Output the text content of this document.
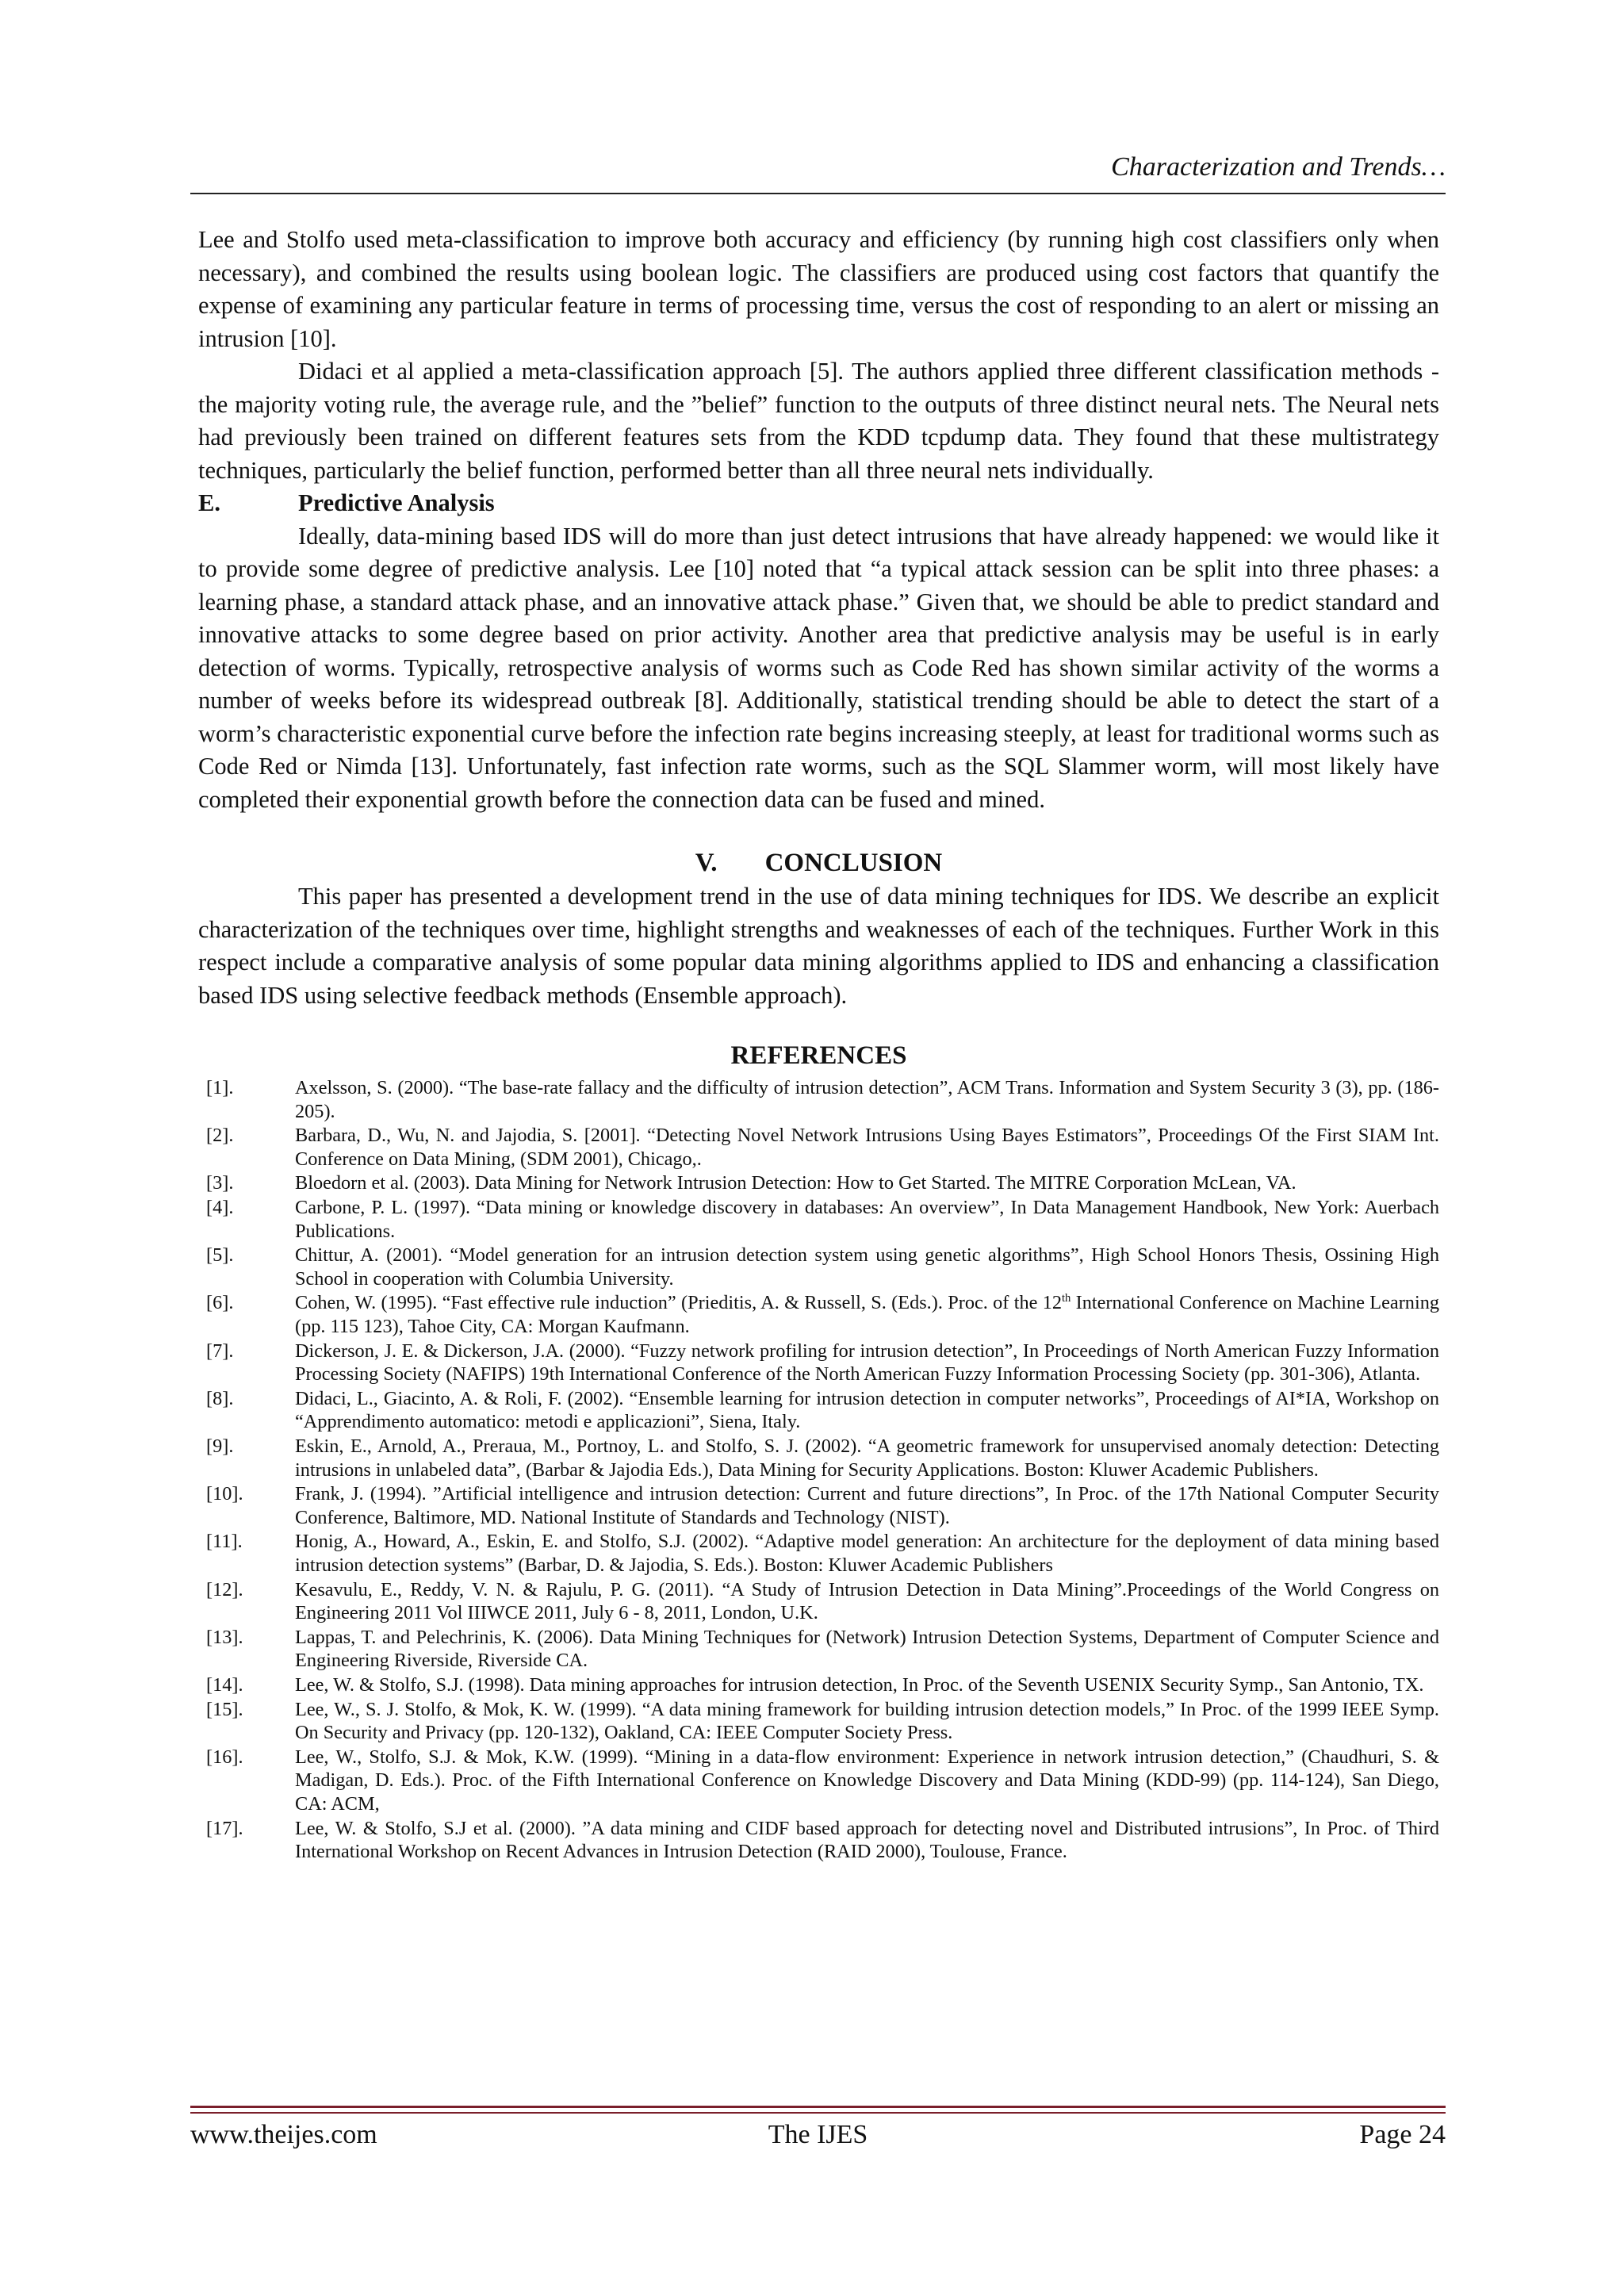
Characterization and Trends…

Lee and Stolfo used meta-classification to improve both accuracy and efficiency (by running high cost classifiers only when necessary), and combined the results using boolean logic. The classifiers are produced using cost factors that quantify the expense of examining any particular feature in terms of processing time, versus the cost of responding to an alert or missing an intrusion [10].

Didaci et al applied a meta-classification approach [5]. The authors applied three different classification methods - the majority voting rule, the average rule, and the ”belief” function to the outputs of three distinct neural nets. The Neural nets had previously been trained on different features sets from the KDD tcpdump data. They found that these multistrategy techniques, particularly the belief function, performed better than all three neural nets individually.

E.	Predictive Analysis

Ideally, data-mining based IDS will do more than just detect intrusions that have already happened: we would like it to provide some degree of predictive analysis. Lee [10] noted that “a typical attack session can be split into three phases: a learning phase, a standard attack phase, and an innovative attack phase.” Given that, we should be able to predict standard and innovative attacks to some degree based on prior activity. Another area that predictive analysis may be useful is in early detection of worms. Typically, retrospective analysis of worms such as Code Red has shown similar activity of the worms a number of weeks before its widespread outbreak [8]. Additionally, statistical trending should be able to detect the start of a worm’s characteristic exponential curve before the infection rate begins increasing steeply, at least for traditional worms such as Code Red or Nimda [13]. Unfortunately, fast infection rate worms, such as the SQL Slammer worm, will most likely have completed their exponential growth before the connection data can be fused and mined.

V. CONCLUSION

This paper has presented a development trend in the use of data mining techniques for IDS. We describe an explicit characterization of the techniques over time, highlight strengths and weaknesses of each of the techniques. Further Work in this respect include a comparative analysis of some popular data mining algorithms applied to IDS and enhancing a classification based IDS using selective feedback methods (Ensemble approach).

REFERENCES
[1].	Axelsson, S. (2000). “The base-rate fallacy and the difficulty of intrusion detection”, ACM Trans. Information and System Security 3 (3), pp. (186-205).
[2].	Barbara, D., Wu, N. and Jajodia, S. [2001]. “Detecting Novel Network Intrusions Using Bayes Estimators”, Proceedings Of the First SIAM Int. Conference on Data Mining, (SDM 2001), Chicago,.
[3].	Bloedorn et al. (2003). Data Mining for Network Intrusion Detection: How to Get Started. The MITRE Corporation McLean, VA.
[4].	Carbone, P. L. (1997). “Data mining or knowledge discovery in databases: An overview”, In Data Management Handbook, New York: Auerbach Publications.
[5].	Chittur, A. (2001). “Model generation for an intrusion detection system using genetic algorithms”, High School Honors Thesis, Ossining High School in cooperation with Columbia University.
[6].	Cohen, W. (1995). “Fast effective rule induction” (Prieditis, A. & Russell, S. (Eds.). Proc. of the 12th International Conference on Machine Learning (pp. 115 123), Tahoe City, CA: Morgan Kaufmann.
[7].	Dickerson, J. E. & Dickerson, J.A. (2000). “Fuzzy network profiling for intrusion detection”, In Proceedings of North American Fuzzy Information Processing Society (NAFIPS) 19th International Conference of the North American Fuzzy Information Processing Society (pp. 301-306), Atlanta.
[8].	Didaci, L., Giacinto, A. & Roli, F. (2002). “Ensemble learning for intrusion detection in computer networks”, Proceedings of AI*IA, Workshop on “Apprendimento automatico: metodi e applicazioni”, Siena, Italy.
[9].	Eskin, E., Arnold, A., Preraua, M., Portnoy, L. and Stolfo, S. J. (2002). “A geometric framework for unsupervised anomaly detection: Detecting intrusions in unlabeled data”, (Barbar & Jajodia Eds.), Data Mining for Security Applications. Boston: Kluwer Academic Publishers.
[10].	Frank, J. (1994). ”Artificial intelligence and intrusion detection: Current and future directions”, In Proc. of the 17th National Computer Security Conference, Baltimore, MD. National Institute of Standards and Technology (NIST).
[11].	Honig, A., Howard, A., Eskin, E. and Stolfo, S.J. (2002). “Adaptive model generation: An architecture for the deployment of data mining based intrusion detection systems” (Barbar, D. & Jajodia, S. Eds.). Boston: Kluwer Academic Publishers
[12].	Kesavulu, E., Reddy, V. N. & Rajulu, P. G. (2011). “A Study of Intrusion Detection in Data Mining”.Proceedings of the World Congress on Engineering 2011 Vol IIIWCE 2011, July 6 - 8, 2011, London, U.K.
[13].	Lappas, T. and Pelechrinis, K. (2006). Data Mining Techniques for (Network) Intrusion Detection Systems, Department of Computer Science and Engineering Riverside, Riverside CA.
[14].	Lee, W. & Stolfo, S.J. (1998). Data mining approaches for intrusion detection, In Proc. of the Seventh USENIX Security Symp., San Antonio, TX.
[15].	Lee, W., S. J. Stolfo, & Mok, K. W. (1999). “A data mining framework for building intrusion detection models,” In Proc. of the 1999 IEEE Symp. On Security and Privacy (pp. 120-132), Oakland, CA: IEEE Computer Society Press.
[16].	Lee, W., Stolfo, S.J. & Mok, K.W. (1999). “Mining in a data-flow environment: Experience in network intrusion detection,” (Chaudhuri, S. & Madigan, D. Eds.). Proc. of the Fifth International Conference on Knowledge Discovery and Data Mining (KDD-99) (pp. 114-124), San Diego, CA: ACM,
[17].	Lee, W. & Stolfo, S.J et al. (2000). ”A data mining and CIDF based approach for detecting novel and Distributed intrusions”, In Proc. of Third International Workshop on Recent Advances in Intrusion Detection (RAID 2000), Toulouse, France.
www.theijes.com	The IJES	Page 24
